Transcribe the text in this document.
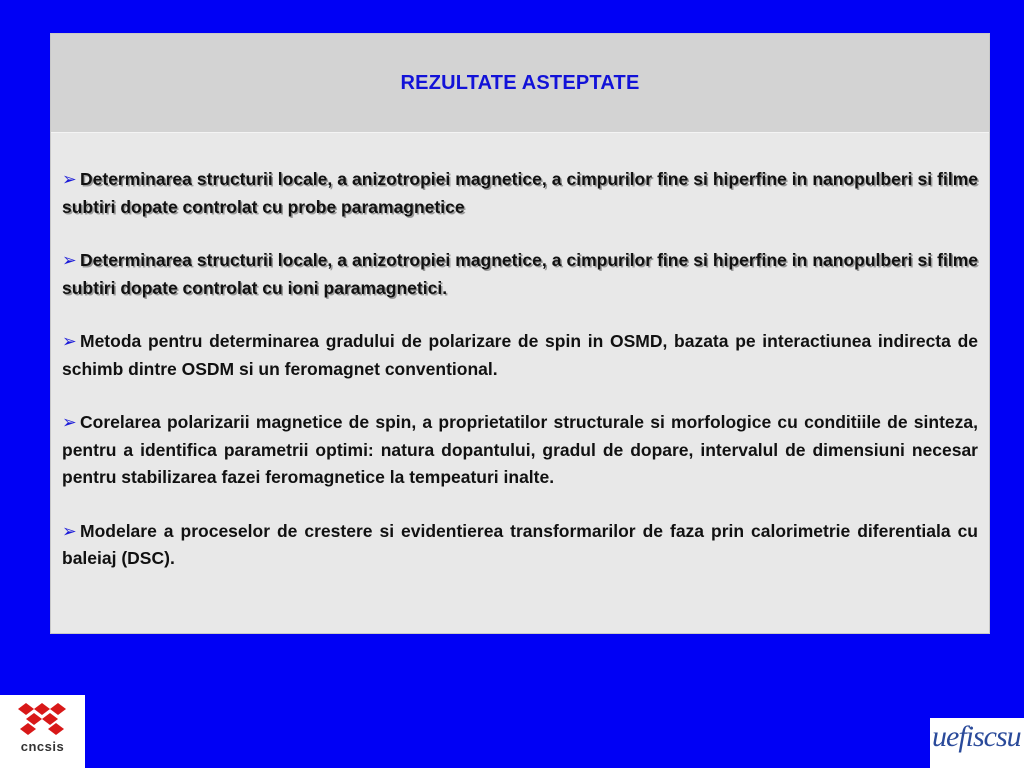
REZULTATE ASTEPTATE

➢ Determinarea structurii locale, a anizotropiei magnetice, a cimpurilor fine si hiperfine in nanopulberi si filme subtiri dopate controlat cu probe paramagnetice

➢ Determinarea structurii locale, a anizotropiei magnetice, a cimpurilor fine si hiperfine in nanopulberi si filme subtiri dopate controlat cu ioni paramagnetici.

➢ Metoda pentru determinarea gradului de polarizare de spin in OSMD, bazata pe interactiunea indirecta de schimb dintre OSDM si un feromagnet conventional.

➢ Corelarea polarizarii magnetice de spin, a proprietatilor structurale si morfologice cu conditiile de sinteza, pentru a identifica parametrii optimi: natura dopantului, gradul de dopare, intervalul de dimensiuni necesar pentru stabilizarea fazei feromagnetice la tempeaturi inalte.

➢ Modelare a proceselor de crestere si evidentierea transformarilor de faza prin calorimetrie diferentiala cu baleiaj (DSC).

cncsis	uefiscsu
